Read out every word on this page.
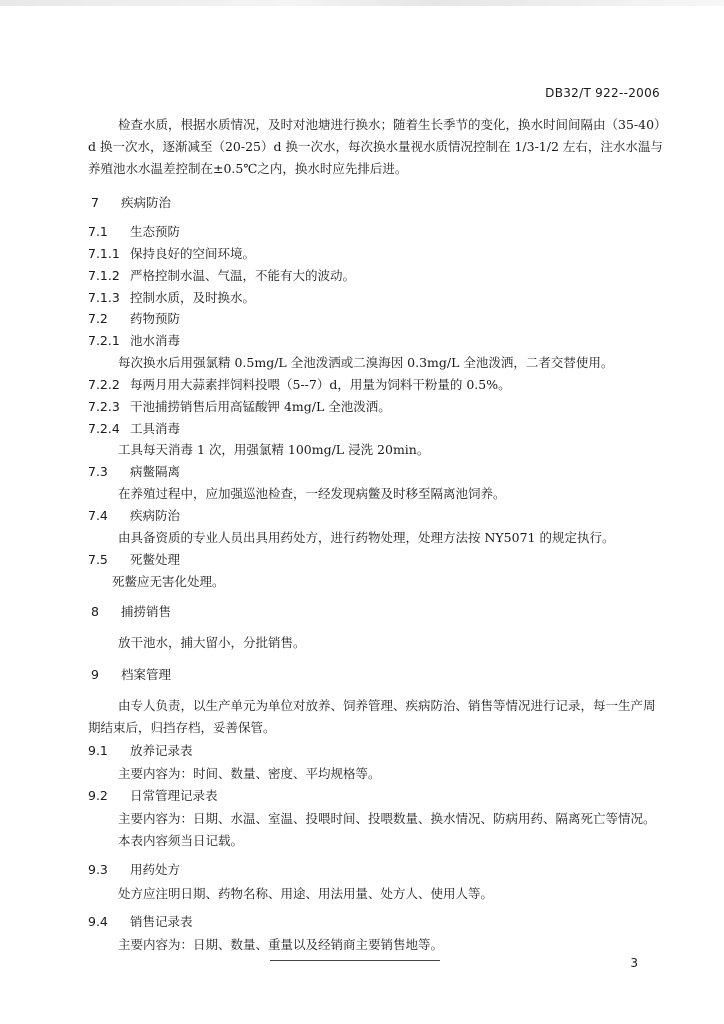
DB32/T 922--2006
检查水质，根据水质情况，及时对池塘进行换水；随着生长季节的变化，换水时间间隔由（35-40）
d 换一次水，逐渐减至（20-25）d 换一次水，每次换水量视水质情况控制在 1/3-1/2 左右，注水水温与
养殖池水水温差控制在±0.5℃之内，换水时应先排后进。
7 疾病防治
7.1 生态预防
7.1.1 保持良好的空间环境。
7.1.2 严格控制水温、气温，不能有大的波动。
7.1.3 控制水质，及时换水。
7.2 药物预防
7.2.1 池水消毒
每次换水后用强氯精 0.5mg/L 全池泼洒或二溴海因 0.3mg/L 全池泼洒，二者交替使用。
7.2.2 每两月用大蒜素拌饲料投喂（5--7）d，用量为饲料干粉量的 0.5%。
7.2.3 干池捕捞销售后用高锰酸钾 4mg/L 全池泼洒。
7.2.4 工具消毒
工具每天消毒 1 次，用强氯精 100mg/L 浸洗 20min。
7.3 病鳖隔离
在养殖过程中，应加强巡池检查，一经发现病鳖及时移至隔离池饲养。
7.4 疾病防治
由具备资质的专业人员出具用药处方，进行药物处理，处理方法按 NY5071 的规定执行。
7.5 死鳖处理
死鳖应无害化处理。
8 捕捞销售
放干池水，捕大留小，分批销售。
9 档案管理
由专人负责，以生产单元为单位对放养、饲养管理、疾病防治、销售等情况进行记录，每一生产周
期结束后，归挡存档，妥善保管。
9.1 放养记录表
主要内容为：时间、数量、密度、平均规格等。
9.2 日常管理记录表
主要内容为：日期、水温、室温、投喂时间、投喂数量、换水情况、防病用药、隔离死亡等情况。
本表内容须当日记载。
9.3 用药处方
处方应注明日期、药物名称、用途、用法用量、处方人、使用人等。
9.4 销售记录表
主要内容为：日期、数量、重量以及经销商主要销售地等。
3
